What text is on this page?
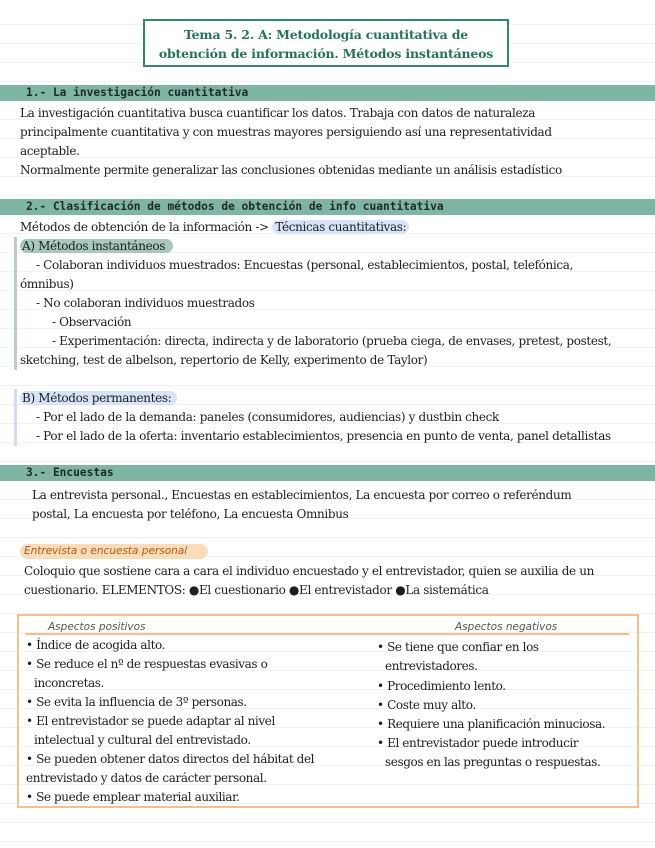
Tema 5. 2. A: Metodología cuantitativa de
obtención de información. Métodos instantáneos
1.- La investigación cuantitativa
La investigación cuantitativa busca cuantificar los datos. Trabaja con datos de naturaleza
principalmente cuantitativa y con muestras mayores persiguiendo así una representatividad
aceptable.
Normalmente permite generalizar las conclusiones obtenidas mediante un análisis estadístico
2.- Clasificación de métodos de obtención de info cuantitativa
Métodos de obtención de la información -> Técnicas cuantitativas:
A) Métodos instantáneos
- Colaboran individuos muestrados: Encuestas (personal, establecimientos, postal, telefónica,
ómnibus)
- No colaboran individuos muestrados
- Observación
- Experimentación: directa, indirecta y de laboratorio (prueba ciega, de envases, pretest, postest,
sketching, test de albelson, repertorio de Kelly, experimento de Taylor)
B) Métodos permanentes:
- Por el lado de la demanda: paneles (consumidores, audiencias) y dustbin check
- Por el lado de la oferta: inventario establecimientos, presencia en punto de venta, panel detallistas
3.- Encuestas
La entrevista personal., Encuestas en establecimientos, La encuesta por correo o referéndum
postal, La encuesta por teléfono, La encuesta Omnibus
Entrevista o encuesta personal
Coloquio que sostiene cara a cara el individuo encuestado y el entrevistador, quien se auxilia de un
cuestionario. ELEMENTOS: ●El cuestionario ●El entrevistador ●La sistemática
Aspectos positivos	Aspectos negativos
• Índice de acogida alto.
• Se reduce el nº de respuestas evasivas o
inconcretas.
• Se evita la influencia de 3º personas.
• El entrevistador se puede adaptar al nivel
intelectual y cultural del entrevistado.
• Se pueden obtener datos directos del hábitat del
entrevistado y datos de carácter personal.
• Se puede emplear material auxiliar.
• Se tiene que confiar en los
entrevistadores.
• Procedimiento lento.
• Coste muy alto.
• Requiere una planificación minuciosa.
• El entrevistador puede introducir
sesgos en las preguntas o respuestas.
